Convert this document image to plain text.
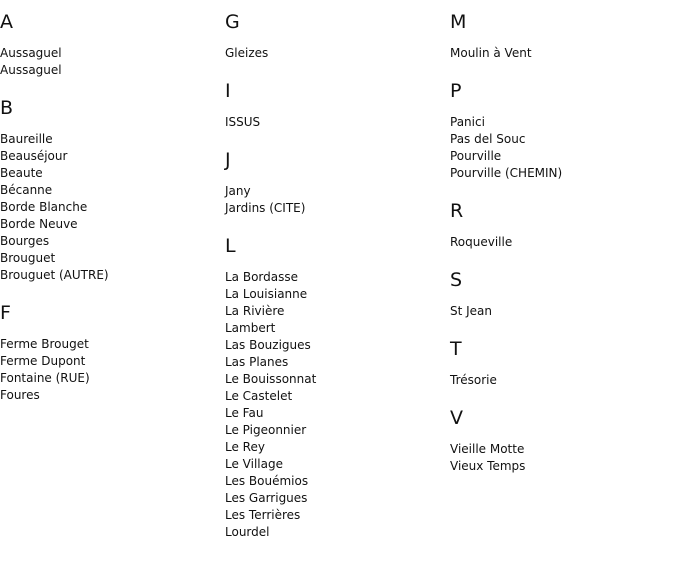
A
Aussaguel
Aussaguel
B
Baureille
Beauséjour
Beaute
Bécanne
Borde Blanche
Borde Neuve
Bourges
Brouguet
Brouguet (AUTRE)
F
Ferme Brouget
Ferme Dupont
Fontaine (RUE)
Foures
G
Gleizes
I
ISSUS
J
Jany
Jardins (CITE)
L
La Bordasse
La Louisianne
La Rivière
Lambert
Las Bouzigues
Las Planes
Le Bouissonnat
Le Castelet
Le Fau
Le Pigeonnier
Le Rey
Le Village
Les Bouémios
Les Garrigues
Les Terrières
Lourdel
M
Moulin à Vent
P
Panici
Pas del Souc
Pourville
Pourville (CHEMIN)
R
Roqueville
S
St Jean
T
Trésorie
V
Vieille Motte
Vieux Temps
